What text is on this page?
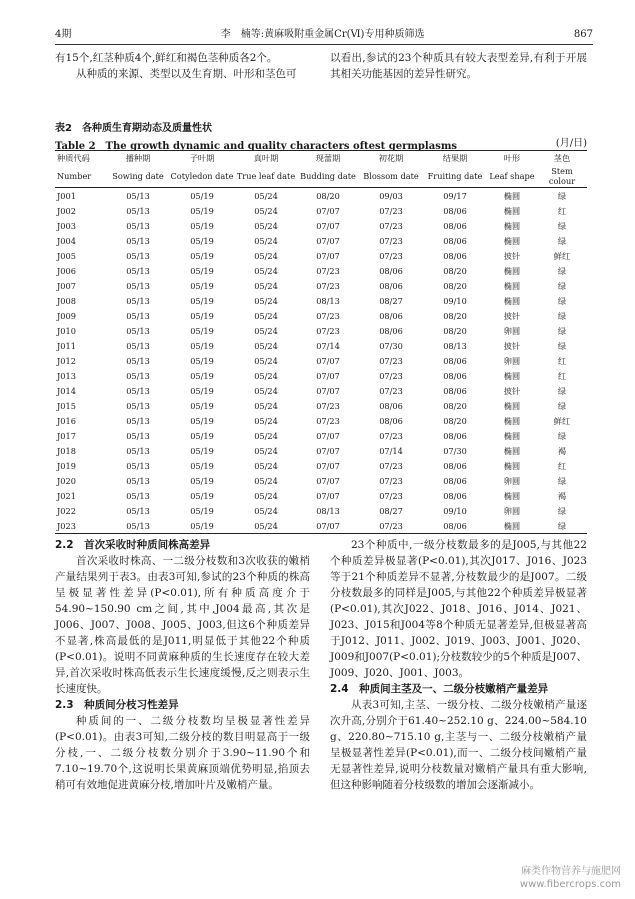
4期	李　楠等:黄麻吸附重金属Cr(Ⅵ)专用种质筛选	867

有15个,红茎种质4个,鲜红和褐色茎种质各2个。

从种质的来源、类型以及生育期、叶形和茎色可

以看出,参试的23个种质具有较大表型差异,有利于开展其相关功能基因的差异性研究。

表2　各种质生育期动态及质量性状
Table 2　The growth dynamic and quality characters oftest germplasms	(月/日)
种质代码	播种期	子叶期	真叶期	现蕾期	初花期	结果期	叶形	茎色
Number	Sowing date	Cotyledon date	True leaf date	Budding date	Blossom date	Fruiting date	Leaf shape	Stem colour
J001	05/13	05/19	05/24	08/20	09/03	09/17	椭圆	绿
J002	05/13	05/19	05/24	07/07	07/23	08/06	椭圆	红
J003	05/13	05/19	05/24	07/07	07/23	08/06	椭圆	绿
J004	05/13	05/19	05/24	07/07	07/23	08/06	椭圆	绿
J005	05/13	05/19	05/24	07/07	07/23	08/06	披针	鲜红
J006	05/13	05/19	05/24	07/23	08/06	08/20	椭圆	绿
J007	05/13	05/19	05/24	07/23	08/06	08/20	椭圆	绿
J008	05/13	05/19	05/24	08/13	08/27	09/10	椭圆	绿
J009	05/13	05/19	05/24	07/23	08/06	08/20	披针	绿
J010	05/13	05/19	05/24	07/23	08/06	08/20	卵圆	绿
J011	05/13	05/19	05/24	07/14	07/30	08/13	披针	绿
J012	05/13	05/19	05/24	07/07	07/23	08/06	卵圆	红
J013	05/13	05/19	05/24	07/07	07/23	08/06	椭圆	红
J014	05/13	05/19	05/24	07/07	07/23	08/06	披针	绿
J015	05/13	05/19	05/24	07/23	08/06	08/20	椭圆	绿
J016	05/13	05/19	05/24	07/23	08/06	08/20	椭圆	鲜红
J017	05/13	05/19	05/24	07/07	07/23	08/06	椭圆	绿
J018	05/13	05/19	05/24	07/07	07/14	07/30	椭圆	褐
J019	05/13	05/19	05/24	07/07	07/23	08/06	椭圆	红
J020	05/13	05/19	05/24	07/07	07/23	08/06	卵圆	绿
J021	05/13	05/19	05/24	07/07	07/23	08/06	椭圆	褐
J022	05/13	05/19	05/24	08/13	08/27	09/10	卵圆	绿
J023	05/13	05/19	05/24	07/07	07/23	08/06	椭圆	绿

2.2　首次采收时种质间株高差异

首次采收时株高、一二级分枝数和3次收获的嫩梢产量结果列于表3。由表3可知,参试的23个种质的株高呈极显著性差异(P<0.01),所有种质高度介于54.90~150.90 cm之间,其中,J004最高,其次是J006、J007、J008、J005、J003,但这6个种质差异不显著,株高最低的是J011,明显低于其他22个种质(P<0.01)。说明不同黄麻种质的生长速度存在较大差异,首次采收时株高低表示生长速度缓慢,反之则表示生长速度快。

2.3　种质间分枝习性差异

种质间的一、二级分枝数均呈极显著性差异(P<0.01)。由表3可知,二级分枝的数目明显高于一级分枝,一、二级分枝数分别介于3.90~11.90个和7.10~19.70个,这说明长果黄麻顶端优势明显,掐顶去稍可有效地促进黄麻分枝,增加叶片及嫩梢产量。

23个种质中,一级分枝数最多的是J005,与其他22个种质差异极显著(P<0.01),其次J017、J016、J023等于21个种质差异不显著,分枝数最少的是J007。二级分枝数最多的同样是J005,与其他22个种质差异极显著(P<0.01),其次J022、J018、J016、J014、J021、J023、J015和J004等8个种质无显著差异,但极显著高于J012、J011、J002、J019、J003、J001、J020、J009和J007(P<0.01);分枝数较少的5个种质是J007、J009、J020、J001、J003。

2.4　种质间主茎及一、二级分枝嫩梢产量差异

从表3可知,主茎、一级分枝、二级分枝嫩梢产量逐次升高,分别介于61.40~252.10 g、224.00~584.10 g、220.80~715.10 g,主茎与一、二级分枝嫩梢产量呈极显著性差异(P<0.01),而一、二级分枝间嫩梢产量无显著性差异,说明分枝数量对嫩梢产量具有重大影响,但这种影响随着分枝级数的增加会逐渐减小。

麻类作物营养与施肥网
www.fibercrops.com
